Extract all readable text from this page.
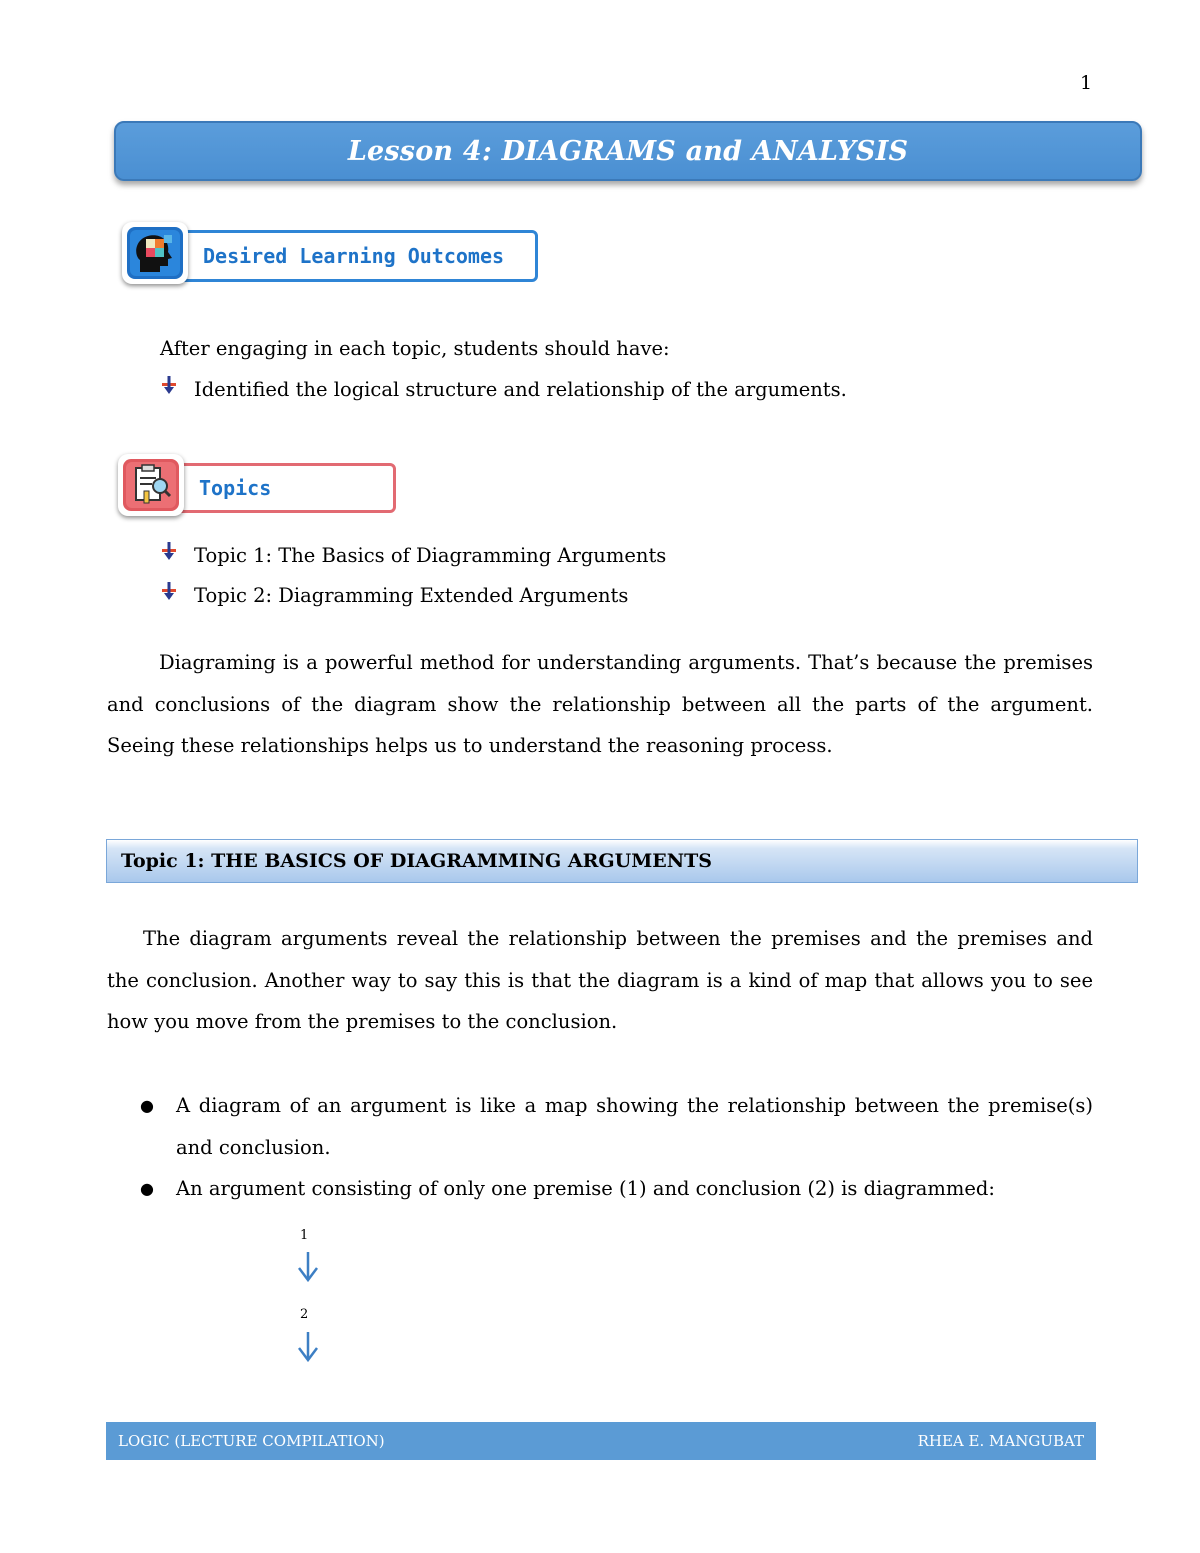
1
Lesson 4: DIAGRAMS and ANALYSIS
Desired Learning Outcomes
After engaging in each topic, students should have:
Identified the logical structure and relationship of the arguments.
Topics
Topic 1: The Basics of Diagramming Arguments
Topic 2: Diagramming Extended Arguments
Diagraming is a powerful method for understanding arguments. That’s because the premises and conclusions of the diagram show the relationship between all the parts of the argument. Seeing these relationships helps us to understand the reasoning process.
Topic 1: THE BASICS OF DIAGRAMMING ARGUMENTS
The diagram arguments reveal the relationship between the premises and the premises and the conclusion. Another way to say this is that the diagram is a kind of map that allows you to see how you move from the premises to the conclusion.
●	A diagram of an argument is like a map showing the relationship between the premise(s) and conclusion.
●	An argument consisting of only one premise (1) and conclusion (2) is diagrammed:
1
2
LOGIC (LECTURE COMPILATION)	RHEA E. MANGUBAT
